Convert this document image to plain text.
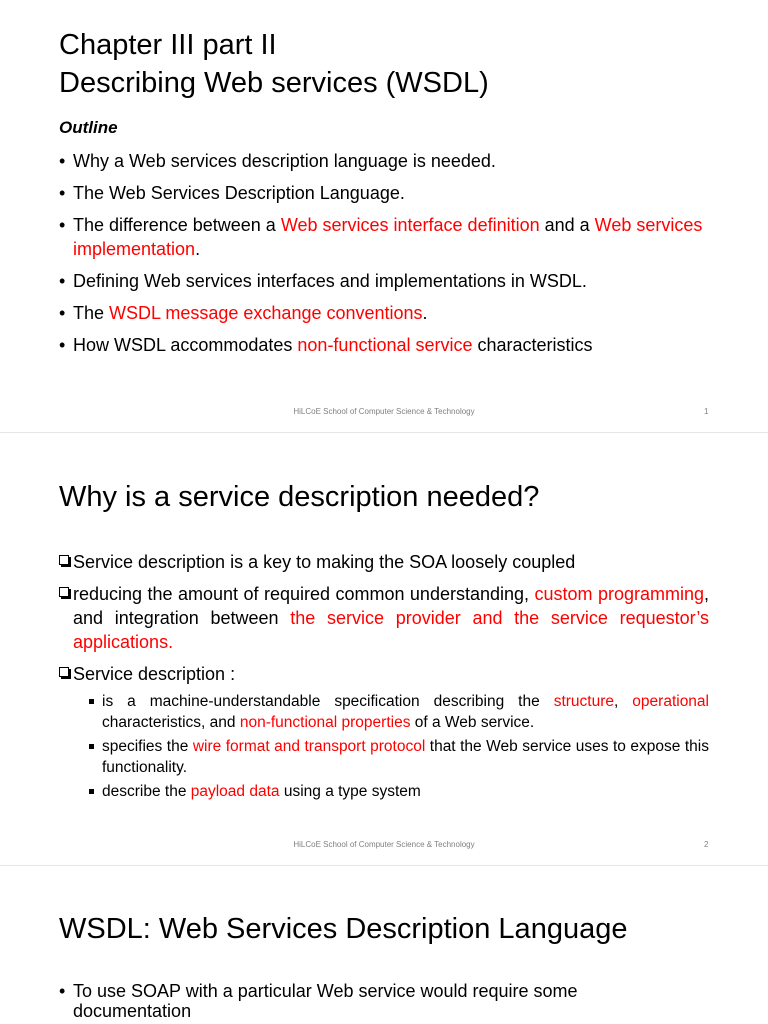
Chapter III part II
Describing Web services (WSDL)
Outline
• Why a Web services description language is needed.
• The Web Services Description Language.
• The difference between a Web services interface definition and a Web services implementation.
• Defining Web services interfaces and implementations in WSDL.
• The WSDL message exchange conventions.
• How WSDL accommodates non-functional service characteristics
HiLCoE School of Computer Science & Technology	1
Why is a service description needed?
Service description is a key to making the SOA loosely coupled
reducing the amount of required common understanding, custom programming, and integration between the service provider and the service requestor’s applications.
Service description :
is a machine-understandable specification describing the structure, operational characteristics, and non-functional properties of a Web service.
specifies the wire format and transport protocol that the Web service uses to expose this functionality.
describe the payload data using a type system
HiLCoE School of Computer Science & Technology	2
WSDL: Web Services Description Language
• To use SOAP with a particular Web service would require some documentation
